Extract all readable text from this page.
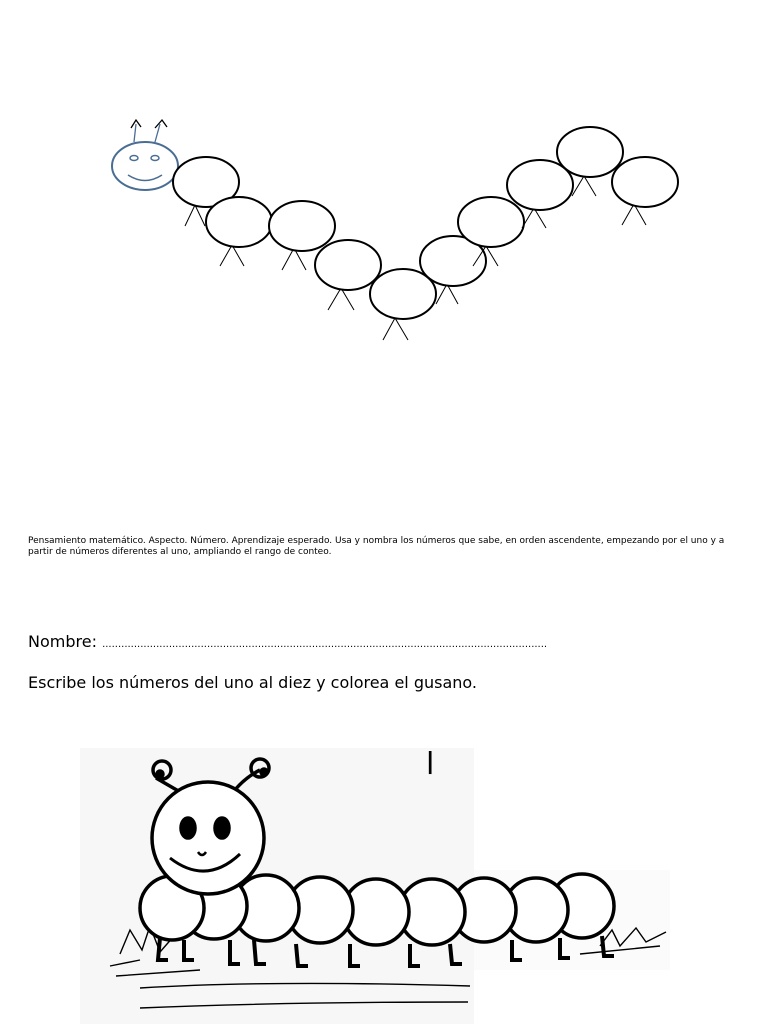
Pensamiento matemático. Aspecto. Número. Aprendizaje esperado. Usa y nombra los números que sabe, en orden ascendente, empezando por el uno y a partir de números diferentes al uno, ampliando el rango de conteo.
Nombre: ............................................................................................................................................
Escribe los números del uno al diez y colorea el gusano.
l
